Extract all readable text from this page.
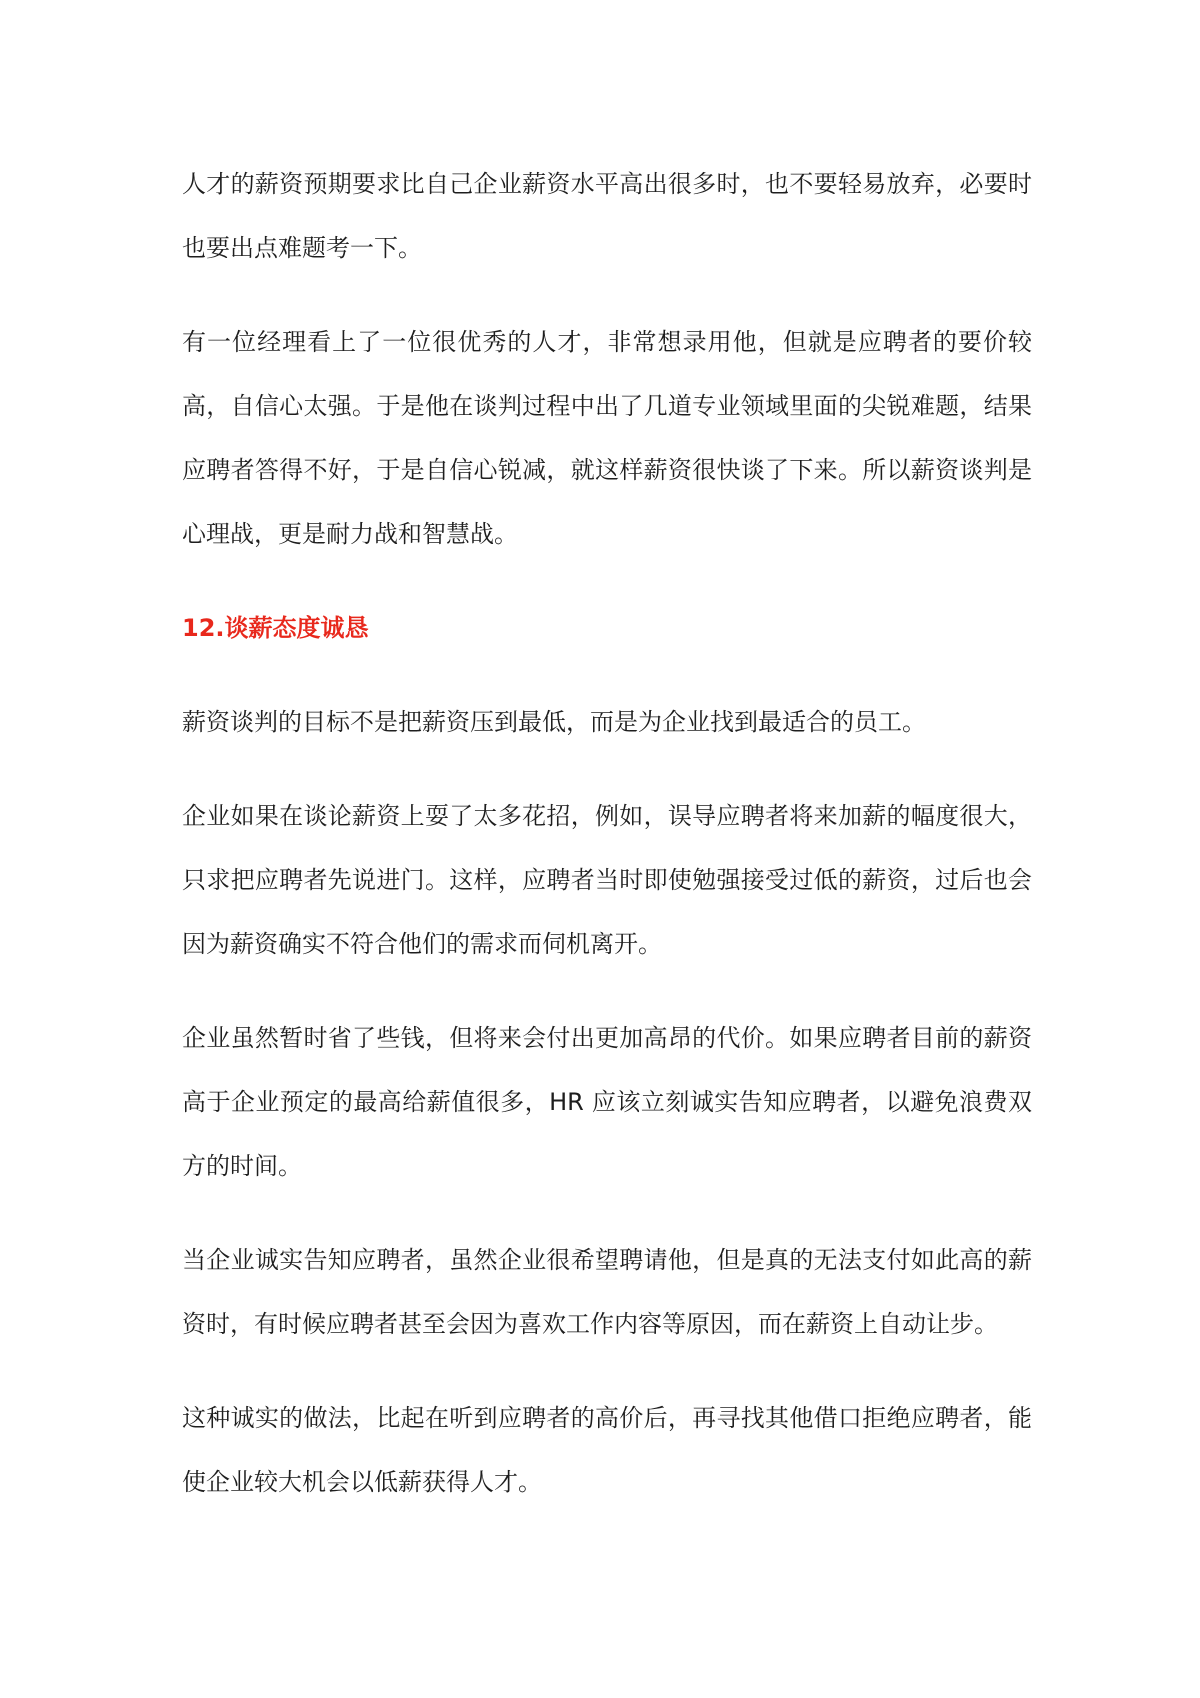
人才的薪资预期要求比自己企业薪资水平高出很多时，也不要轻易放弃，必要时也要出点难题考一下。

有一位经理看上了一位很优秀的人才，非常想录用他，但就是应聘者的要价较高，自信心太强。于是他在谈判过程中出了几道专业领域里面的尖锐难题，结果应聘者答得不好，于是自信心锐减，就这样薪资很快谈了下来。所以薪资谈判是心理战，更是耐力战和智慧战。

12.谈薪态度诚恳

薪资谈判的目标不是把薪资压到最低，而是为企业找到最适合的员工。

企业如果在谈论薪资上耍了太多花招，例如，误导应聘者将来加薪的幅度很大，只求把应聘者先说进门。这样，应聘者当时即使勉强接受过低的薪资，过后也会因为薪资确实不符合他们的需求而伺机离开。

企业虽然暂时省了些钱，但将来会付出更加高昂的代价。如果应聘者目前的薪资高于企业预定的最高给薪值很多，HR 应该立刻诚实告知应聘者，以避免浪费双方的时间。

当企业诚实告知应聘者，虽然企业很希望聘请他，但是真的无法支付如此高的薪资时，有时候应聘者甚至会因为喜欢工作内容等原因，而在薪资上自动让步。

这种诚实的做法，比起在听到应聘者的高价后，再寻找其他借口拒绝应聘者，能使企业较大机会以低薪获得人才。
